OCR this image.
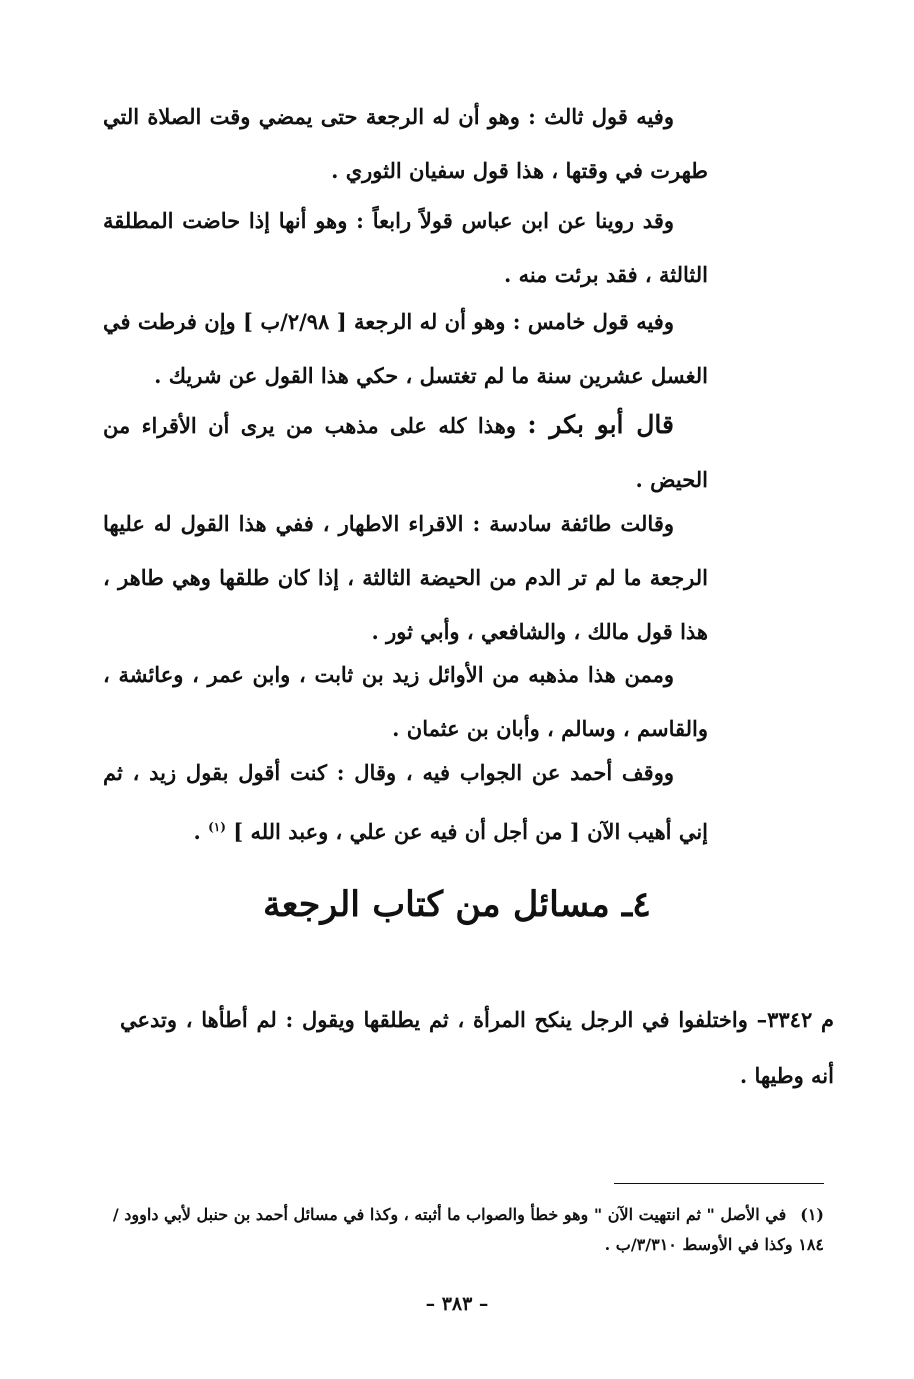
وفيه قول ثالث : وهو أن له الرجعة حتى يمضي وقت الصلاة التي طهرت في وقتها ، هذا قول سفيان الثوري .

وقد روينا عن ابن عباس قولاً رابعاً : وهو أنها إذا حاضت المطلقة الثالثة ، فقد برئت منه .

وفيه قول خامس : وهو أن له الرجعة [ ٢/٩٨/ب ] وإن فرطت في الغسل عشرين سنة ما لم تغتسل ، حكي هذا القول عن شريك .

قال أبو بكر : وهذا كله على مذهب من يرى أن الأقراء من الحيض .

وقالت طائفة سادسة : الاقراء الاطهار ، ففي هذا القول له عليها الرجعة ما لم تر الدم من الحيضة الثالثة ، إذا كان طلقها وهي طاهر ، هذا قول مالك ، والشافعي ، وأبي ثور .

وممن هذا مذهبه من الأوائل زيد بن ثابت ، وابن عمر ، وعائشة ، والقاسم ، وسالم ، وأبان بن عثمان .

ووقف أحمد عن الجواب فيه ، وقال : كنت أقول بقول زيد ، ثم إني أهيب الآن [ من أجل أن فيه عن علي ، وعبد الله ] $^{(١)}$ .

٤ـ مسائل من كتاب الرجعة

م ٣٣٤٢– واختلفوا في الرجل ينكح المرأة ، ثم يطلقها ويقول : لم أطأها ، وتدعي أنه وطيها .

(١)في الأصل " ثم انتهيت الآن " وهو خطأ والصواب ما أثبته ، وكذا في مسائل أحمد بن حنبل لأبي داوود /١٨٤ وكذا في الأوسط ٣/٣١٠/ب .

– ٣٨٣ –
